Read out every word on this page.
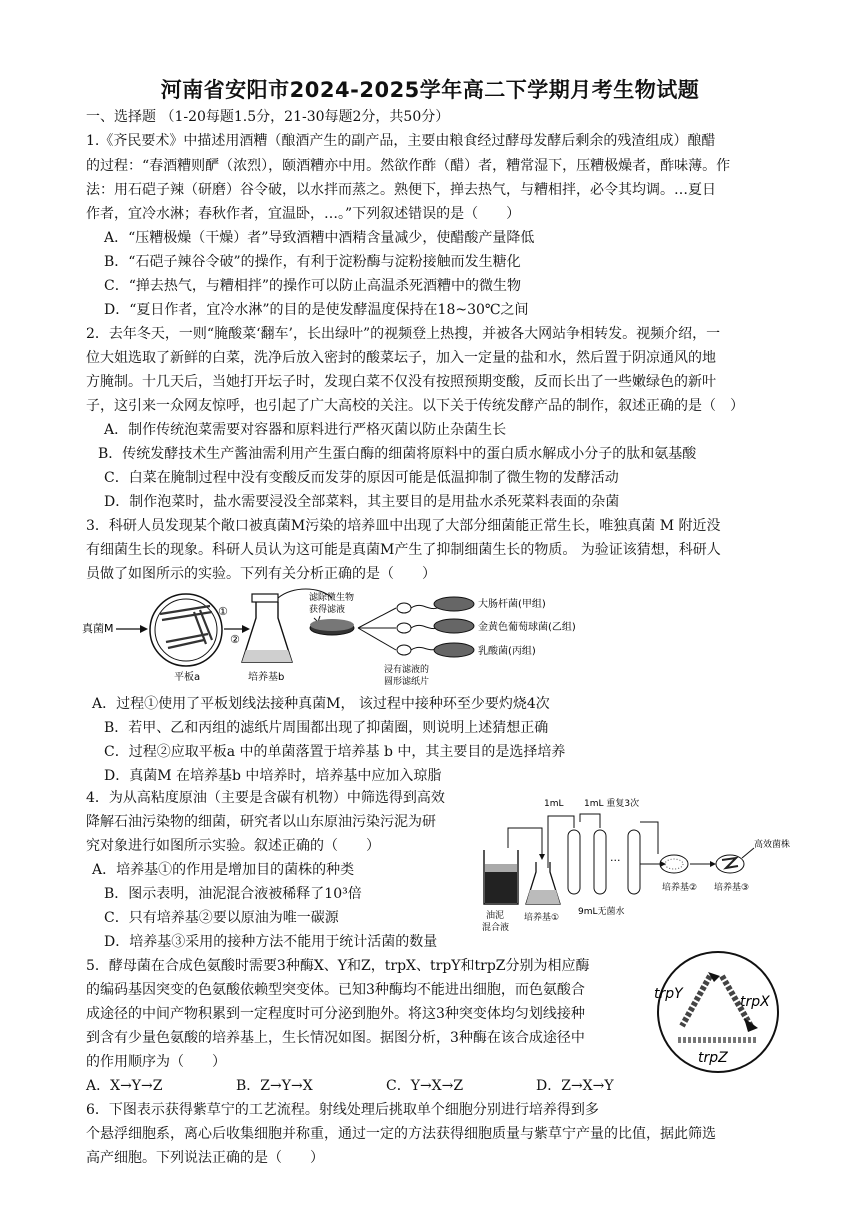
河南省安阳市2024-2025学年高二下学期月考生物试题
一、选择题 （1-20每题1.5分，21-30每题2分，共50分）
1.《齐民要术》中描述用酒糟（酿酒产生的副产品，主要由粮食经过酵母发酵后剩余的残渣组成）酿醋
的过程：“春酒糟则酽（浓烈），颐酒糟亦中用。然欲作酢（醋）者，糟常湿下，压糟极燥者，酢味薄。作
法：用石硙子辣（研磨）谷令破，以水拌而蒸之。熟便下，掸去热气，与糟相拌，必令其均调。…夏日
作者，宜冷水淋；春秋作者，宜温卧，…。”下列叙述错误的是（　　）
A．“压糟极燥（干燥）者”导致酒糟中酒精含量减少，使醋酸产量降低
B．“石硙子辣谷令破”的操作，有利于淀粉酶与淀粉接触而发生糖化
C．“掸去热气，与糟相拌”的操作可以防止高温杀死酒糟中的微生物
D．“夏日作者，宜冷水淋”的目的是使发酵温度保持在18~30℃之间
2．去年冬天，一则“腌酸菜‘翻车’，长出绿叶”的视频登上热搜，并被各大网站争相转发。视频介绍，一
位大姐选取了新鲜的白菜，洗净后放入密封的酸菜坛子，加入一定量的盐和水，然后置于阴凉通风的地
方腌制。十几天后，当她打开坛子时，发现白菜不仅没有按照预期变酸，反而长出了一些嫩绿色的新叶
子，这引来一众网友惊呼，也引起了广大高校的关注。以下关于传统发酵产品的制作，叙述正确的是（　）
A．制作传统泡菜需要对容器和原料进行严格灭菌以防止杂菌生长
B．传统发酵技术生产酱油需利用产生蛋白酶的细菌将原料中的蛋白质水解成小分子的肽和氨基酸
C．白菜在腌制过程中没有变酸反而发芽的原因可能是低温抑制了微生物的发酵活动
D．制作泡菜时，盐水需要浸没全部菜料，其主要目的是用盐水杀死菜料表面的杂菌
3．科研人员发现某个敞口被真菌M污染的培养皿中出现了大部分细菌能正常生长，唯独真菌 M 附近没
有细菌生长的现象。科研人员认为这可能是真菌M产生了抑制细菌生长的物质。 为验证该猜想，科研人
员做了如图所示的实验。下列有关分析正确的是（　　）
真菌M
平板a
①
②
培养基b
滤除微生物
获得滤液	大肠杆菌(甲组)
金黄色葡萄球菌(乙组)
乳酸菌(丙组)
浸有滤液的
圆形滤纸片
A．过程①使用了平板划线法接种真菌M， 该过程中接种环至少要灼烧4次
B．若甲、乙和丙组的滤纸片周围都出现了抑菌圈，则说明上述猜想正确
C．过程②应取平板a 中的单菌落置于培养基 b 中，其主要目的是选择培养
D．真菌M 在培养基b 中培养时，培养基中应加入琼脂
4．为从高粘度原油（主要是含碳有机物）中筛选得到高效
降解石油污染物的细菌，研究者以山东原油污染污泥为研
究对象进行如图所示实验。叙述正确的（　　）
A．培养基①的作用是增加目的菌株的种类
B．图示表明，油泥混合液被稀释了10³倍
C．只有培养基②要以原油为唯一碳源
D．培养基③采用的接种方法不能用于统计活菌的数量
油泥
混合液
培养基①
1mL 1mL 重复3次
···
9mL无菌水
培养基② 培养基③
高效菌株
5．酵母菌在合成色氨酸时需要3种酶X、Y和Z，trpX、trpY和trpZ分别为相应酶
的编码基因突变的色氨酸依赖型突变体。已知3种酶均不能进出细胞，而色氨酸合
成途径的中间产物积累到一定程度时可分泌到胞外。将这3种突变体均匀划线接种
到含有少量色氨酸的培养基上，生长情况如图。据图分析，3种酶在该合成途径中
的作用顺序为（　　）
A．X→Y→Z	B．Z→Y→X	C．Y→X→Z	D．Z→X→Y
trpY	trpX
trpZ
6．下图表示获得紫草宁的工艺流程。射线处理后挑取单个细胞分别进行培养得到多
个悬浮细胞系，离心后收集细胞并称重，通过一定的方法获得细胞质量与紫草宁产量的比值，据此筛选
高产细胞。下列说法正确的是（　　）
